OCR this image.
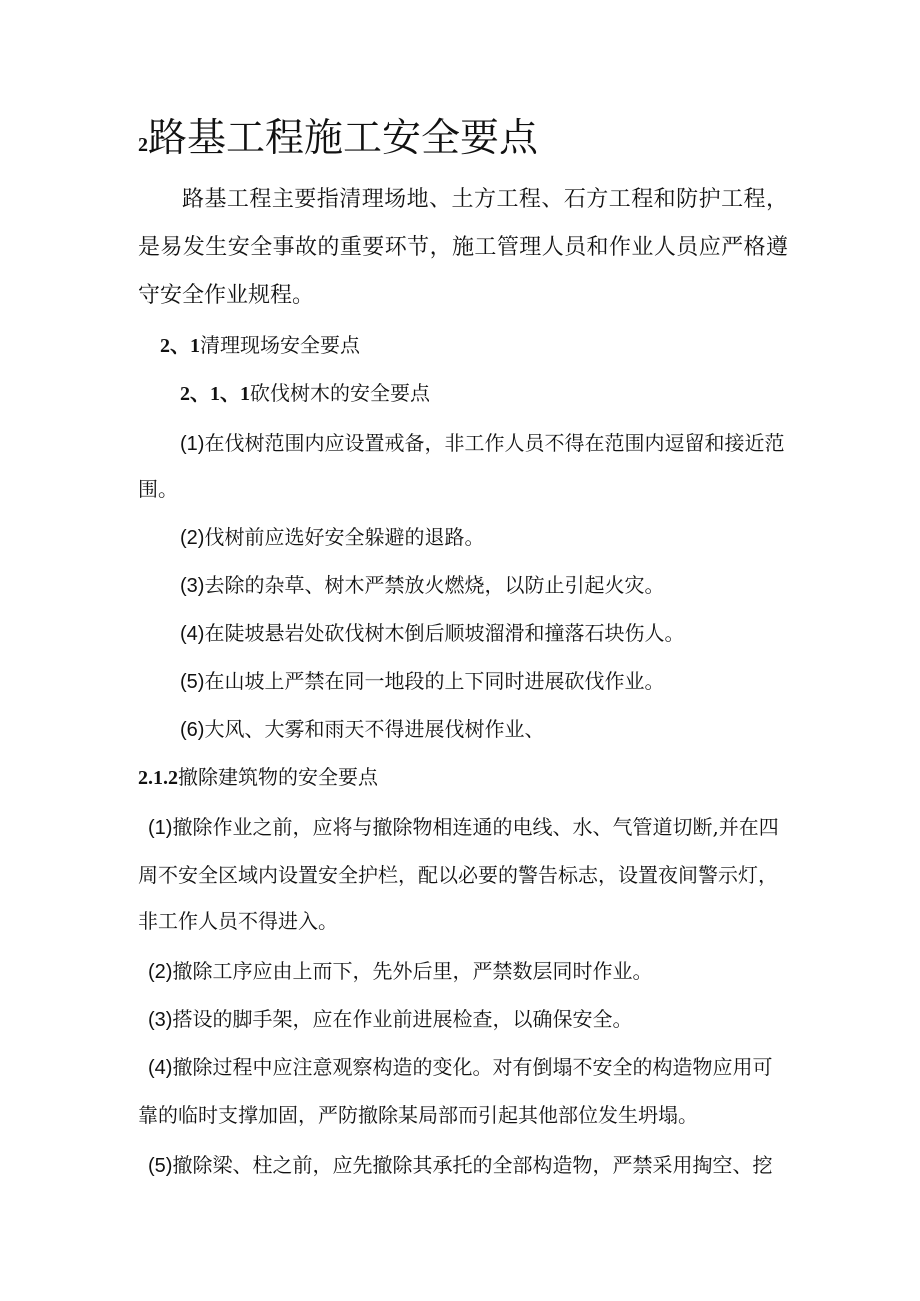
2路基工程施工安全要点
路基工程主要指清理场地、土方工程、石方工程和防护工程，是易发生安全事故的重要环节，施工管理人员和作业人员应严格遵守安全作业规程。
2、1清理现场安全要点
2、1、1砍伐树木的安全要点
(1)在伐树范围内应设置戒备，非工作人员不得在范围内逗留和接近范
围。
(2)伐树前应选好安全躲避的退路。
(3)去除的杂草、树木严禁放火燃烧，以防止引起火灾。
(4)在陡坡悬岩处砍伐树木倒后顺坡溜滑和撞落石块伤人。
(5)在山坡上严禁在同一地段的上下同时进展砍伐作业。
(6)大风、大雾和雨天不得进展伐树作业、
2.1.2撤除建筑物的安全要点
(1)撤除作业之前，应将与撤除物相连通的电线、水、气管道切断,并在四
周不安全区域内设置安全护栏，配以必要的警告标志，设置夜间警示灯，
非工作人员不得进入。
(2)撤除工序应由上而下，先外后里，严禁数层同时作业。
(3)搭设的脚手架，应在作业前进展检查，以确保安全。
(4)撤除过程中应注意观察构造的变化。对有倒塌不安全的构造物应用可
靠的临时支撑加固，严防撤除某局部而引起其他部位发生坍塌。
(5)撤除梁、柱之前，应先撤除其承托的全部构造物，严禁采用掏空、挖
